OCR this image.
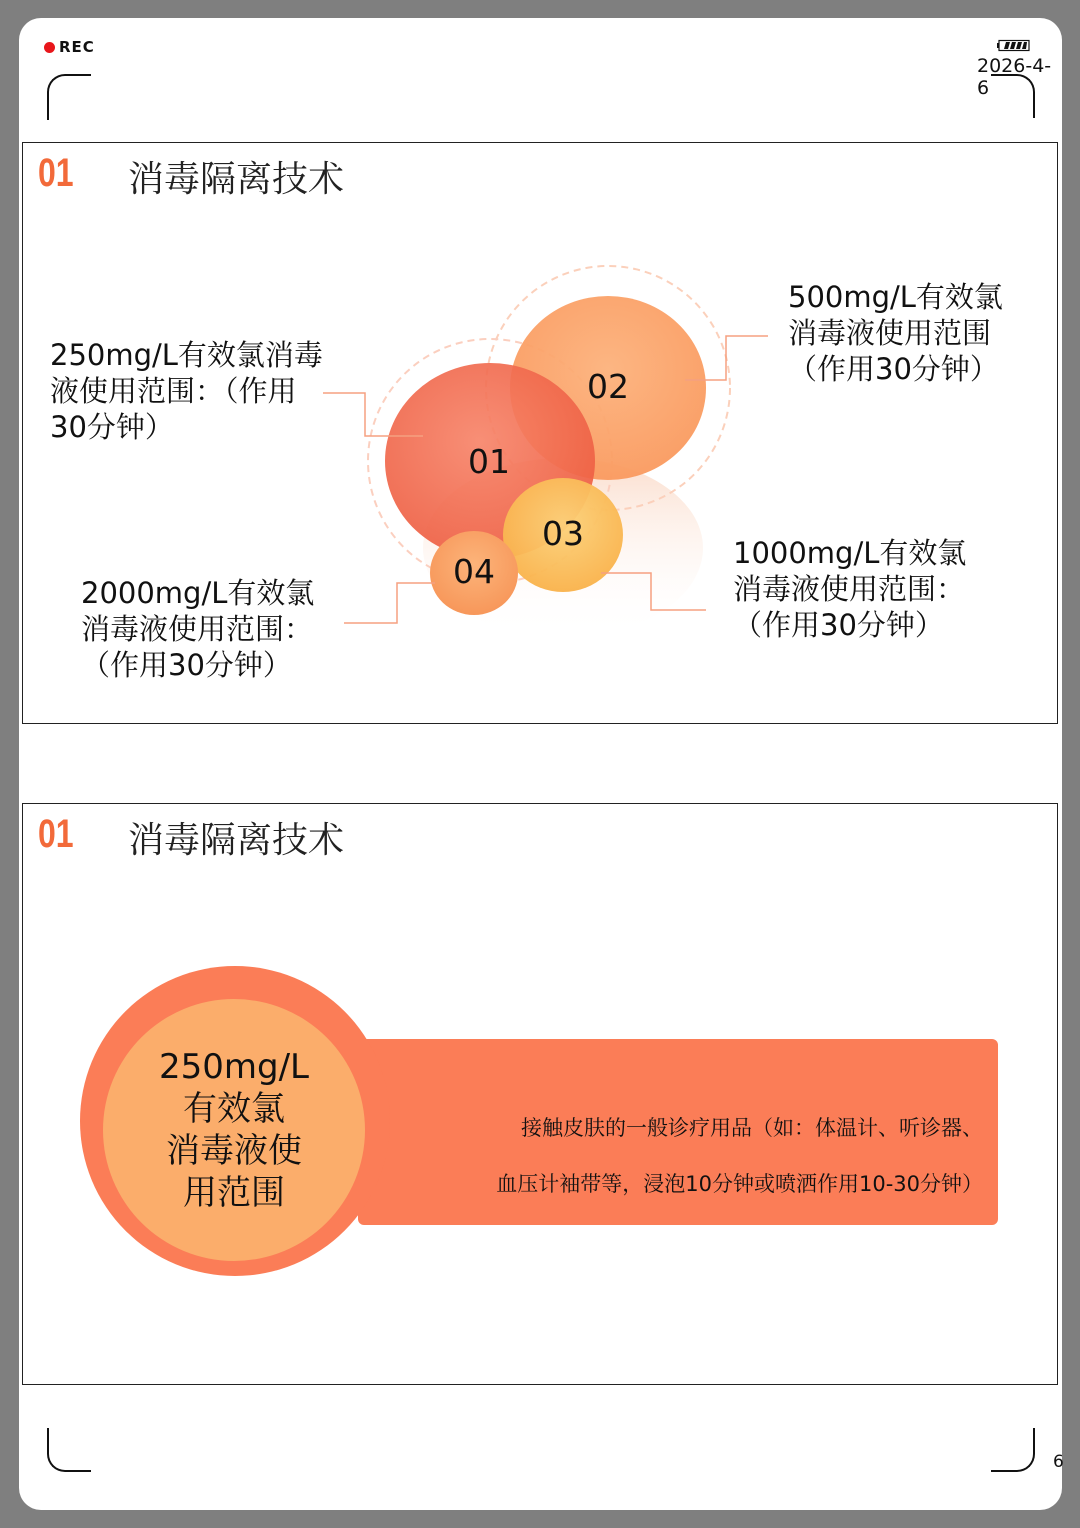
REC
2026-4-6
01 消毒隔离技术
01
02
03
04
250mg/L有效氯消毒
液使用范围：（作用
30分钟）
500mg/L有效氯
消毒液使用范围
（作用30分钟）
1000mg/L有效氯
消毒液使用范围：
（作用30分钟）
2000mg/L有效氯
消毒液使用范围：
（作用30分钟）
01 消毒隔离技术
接触皮肤的一般诊疗用品（如：体温计、听诊器、
血压计袖带等，浸泡10分钟或喷洒作用10-30分钟）
250mg/L
有效氯
消毒液使
用范围
6
